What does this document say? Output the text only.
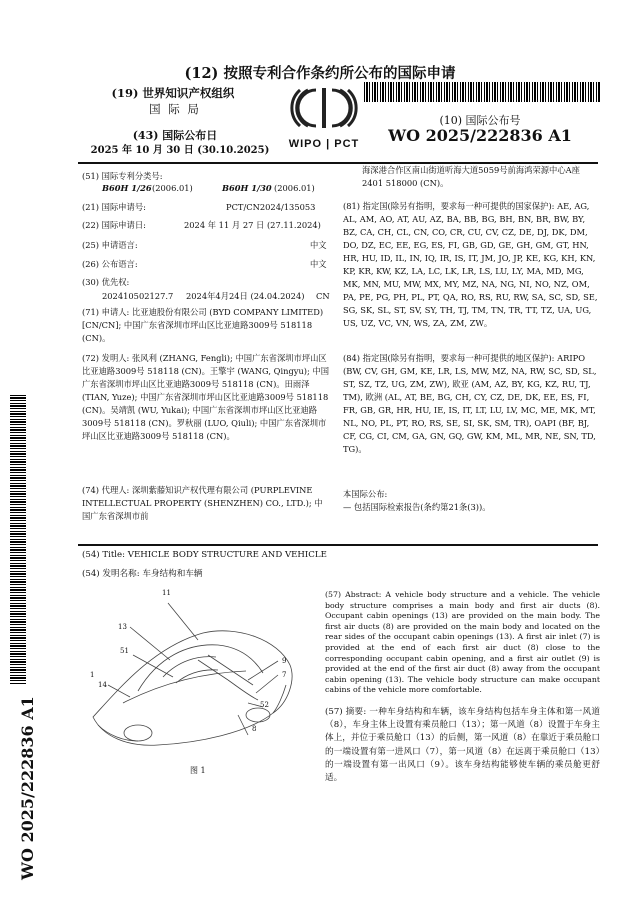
(12) 按照专利合作条约所公布的国际申请
(19) 世界知识产权组织
国 际 局
(43) 国际公布日
2025 年 10 月 30 日 (30.10.2025)
WIPO | PCT
(10) 国际公布号
WO 2025/222836 A1
(51) 国际专利分类号:
B60H 1/26 (2006.01)	B60H 1/30 (2006.01)
(21) 国际申请号:	PCT/CN2024/135053
(22) 国际申请日:	2024 年 11 月 27 日 (27.11.2024)
(25) 申请语言:	中文
(26) 公布语言:	中文
(30) 优先权:
202410502127.7 2024年4月24日 (24.04.2024) CN
(71) 申请人: 比亚迪股份有限公司 (BYD COMPANY LIMITED) [CN/CN]; 中国广东省深圳市坪山区比亚迪路3009号 518118 (CN)。
(72) 发明人: 张风利 (ZHANG, Fengli); 中国广东省深圳市坪山区比亚迪路3009号 518118 (CN)。王擎宇 (WANG, Qingyu); 中国广东省深圳市坪山区比亚迪路3009号 518118 (CN)。田雨泽 (TIAN, Yuze); 中国广东省深圳市坪山区比亚迪路3009号 518118 (CN)。吴靖凯 (WU, Yukai); 中国广东省深圳市坪山区比亚迪路3009号 518118 (CN)。罗秋丽 (LUO, Qiuli); 中国广东省深圳市坪山区比亚迪路3009号 518118 (CN)。
(74) 代理人: 深圳紫藤知识产权代理有限公司 (PURPLEVINE INTELLECTUAL PROPERTY (SHENZHEN) CO., LTD.); 中国广东省深圳市前
海深港合作区南山街道听海大道5059号前海鸿荣源中心A座2401 518000 (CN)。
(81) 指定国(除另有指明，要求每一种可提供的国家保护): AE, AG, AL, AM, AO, AT, AU, AZ, BA, BB, BG, BH, BN, BR, BW, BY, BZ, CA, CH, CL, CN, CO, CR, CU, CV, CZ, DE, DJ, DK, DM, DO, DZ, EC, EE, EG, ES, FI, GB, GD, GE, GH, GM, GT, HN, HR, HU, ID, IL, IN, IQ, IR, IS, IT, JM, JO, JP, KE, KG, KH, KN, KP, KR, KW, KZ, LA, LC, LK, LR, LS, LU, LY, MA, MD, MG, MK, MN, MU, MW, MX, MY, MZ, NA, NG, NI, NO, NZ, OM, PA, PE, PG, PH, PL, PT, QA, RO, RS, RU, RW, SA, SC, SD, SE, SG, SK, SL, ST, SV, SY, TH, TJ, TM, TN, TR, TT, TZ, UA, UG, US, UZ, VC, VN, WS, ZA, ZM, ZW。
(84) 指定国(除另有指明，要求每一种可提供的地区保护): ARIPO (BW, CV, GH, GM, KE, LR, LS, MW, MZ, NA, RW, SC, SD, SL, ST, SZ, TZ, UG, ZM, ZW), 欧亚 (AM, AZ, BY, KG, KZ, RU, TJ, TM), 欧洲 (AL, AT, BE, BG, CH, CY, CZ, DE, DK, EE, ES, FI, FR, GB, GR, HR, HU, IE, IS, IT, LT, LU, LV, MC, ME, MK, MT, NL, NO, PL, PT, RO, RS, SE, SI, SK, SM, TR), OAPI (BF, BJ, CF, CG, CI, CM, GA, GN, GQ, GW, KM, ML, MR, NE, SN, TD, TG)。
本国际公布:
— 包括国际检索报告(条约第21条(3))。
(54) Title: VEHICLE BODY STRUCTURE AND VEHICLE
(54) 发明名称: 车身结构和车辆
11
13
51
1
14
9
7
52
8
图 1
(57) Abstract: A vehicle body structure and a vehicle. The vehicle body structure comprises a main body and first air ducts (8). Occupant cabin openings (13) are provided on the main body. The first air ducts (8) are provided on the main body and located on the rear sides of the occupant cabin openings (13). A first air inlet (7) is provided at the end of each first air duct (8) close to the corresponding occupant cabin opening, and a first air outlet (9) is provided at the end of the first air duct (8) away from the occupant cabin opening (13). The vehicle body structure can make occupant cabins of the vehicle more comfortable.
(57) 摘要: 一种车身结构和车辆，该车身结构包括车身主体和第一风道（8），车身主体上设置有乘员舱口（13）；第一风道（8）设置于车身主体上，并位于乘员舱口（13）的后侧，第一风道（8）在靠近于乘员舱口的一端设置有第一进风口（7），第一风道（8）在远离于乘员舱口（13）的一端设置有第一出风口（9）。该车身结构能够使车辆的乘员舱更舒适。
WO 2025/222836 A1
